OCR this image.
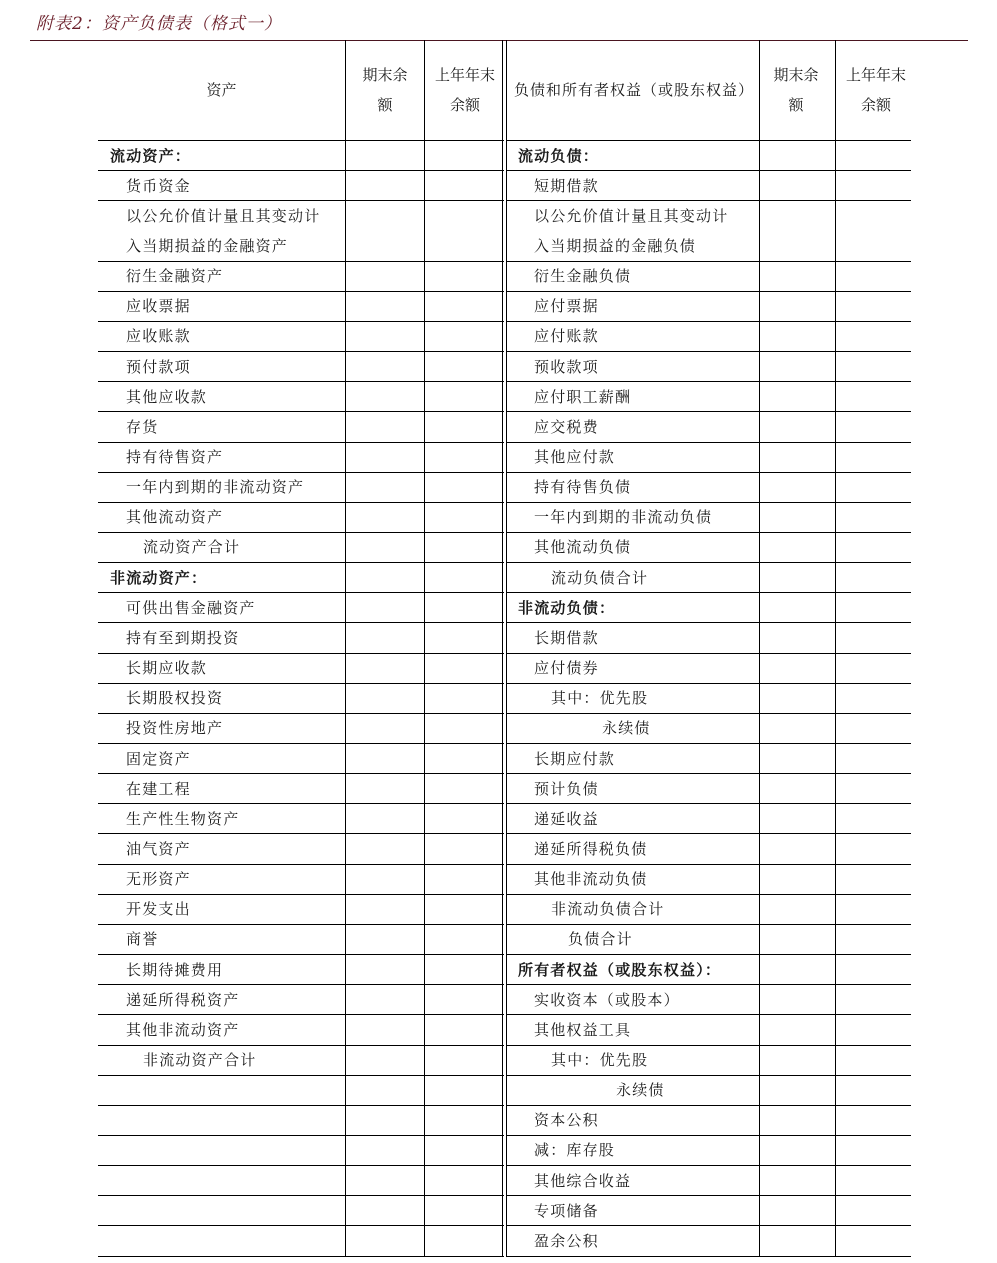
附表2：资产负债表（格式一）
资产
期末余额
上年年末余额
负债和所有者权益（或股东权益）
期末余额
上年年末余额
流动资产：
货币资金
以公允价值计量且其变动计
入当期损益的金融资产
衍生金融资产
应收票据
应收账款
预付款项
其他应收款
存货
持有待售资产
一年内到期的非流动资产
其他流动资产
流动资产合计
非流动资产：
可供出售金融资产
持有至到期投资
长期应收款
长期股权投资
投资性房地产
固定资产
在建工程
生产性生物资产
油气资产
无形资产
开发支出
商誉
长期待摊费用
递延所得税资产
其他非流动资产
非流动资产合计
流动负债：
短期借款
以公允价值计量且其变动计
入当期损益的金融负债
衍生金融负债
应付票据
应付账款
预收款项
应付职工薪酬
应交税费
其他应付款
持有待售负债
一年内到期的非流动负债
其他流动负债
流动负债合计
非流动负债：
长期借款
应付债券
其中：优先股
永续债
长期应付款
预计负债
递延收益
递延所得税负债
其他非流动负债
非流动负债合计
负债合计
所有者权益（或股东权益）：
实收资本（或股本）
其他权益工具
其中：优先股
永续债
资本公积
减：库存股
其他综合收益
专项储备
盈余公积
